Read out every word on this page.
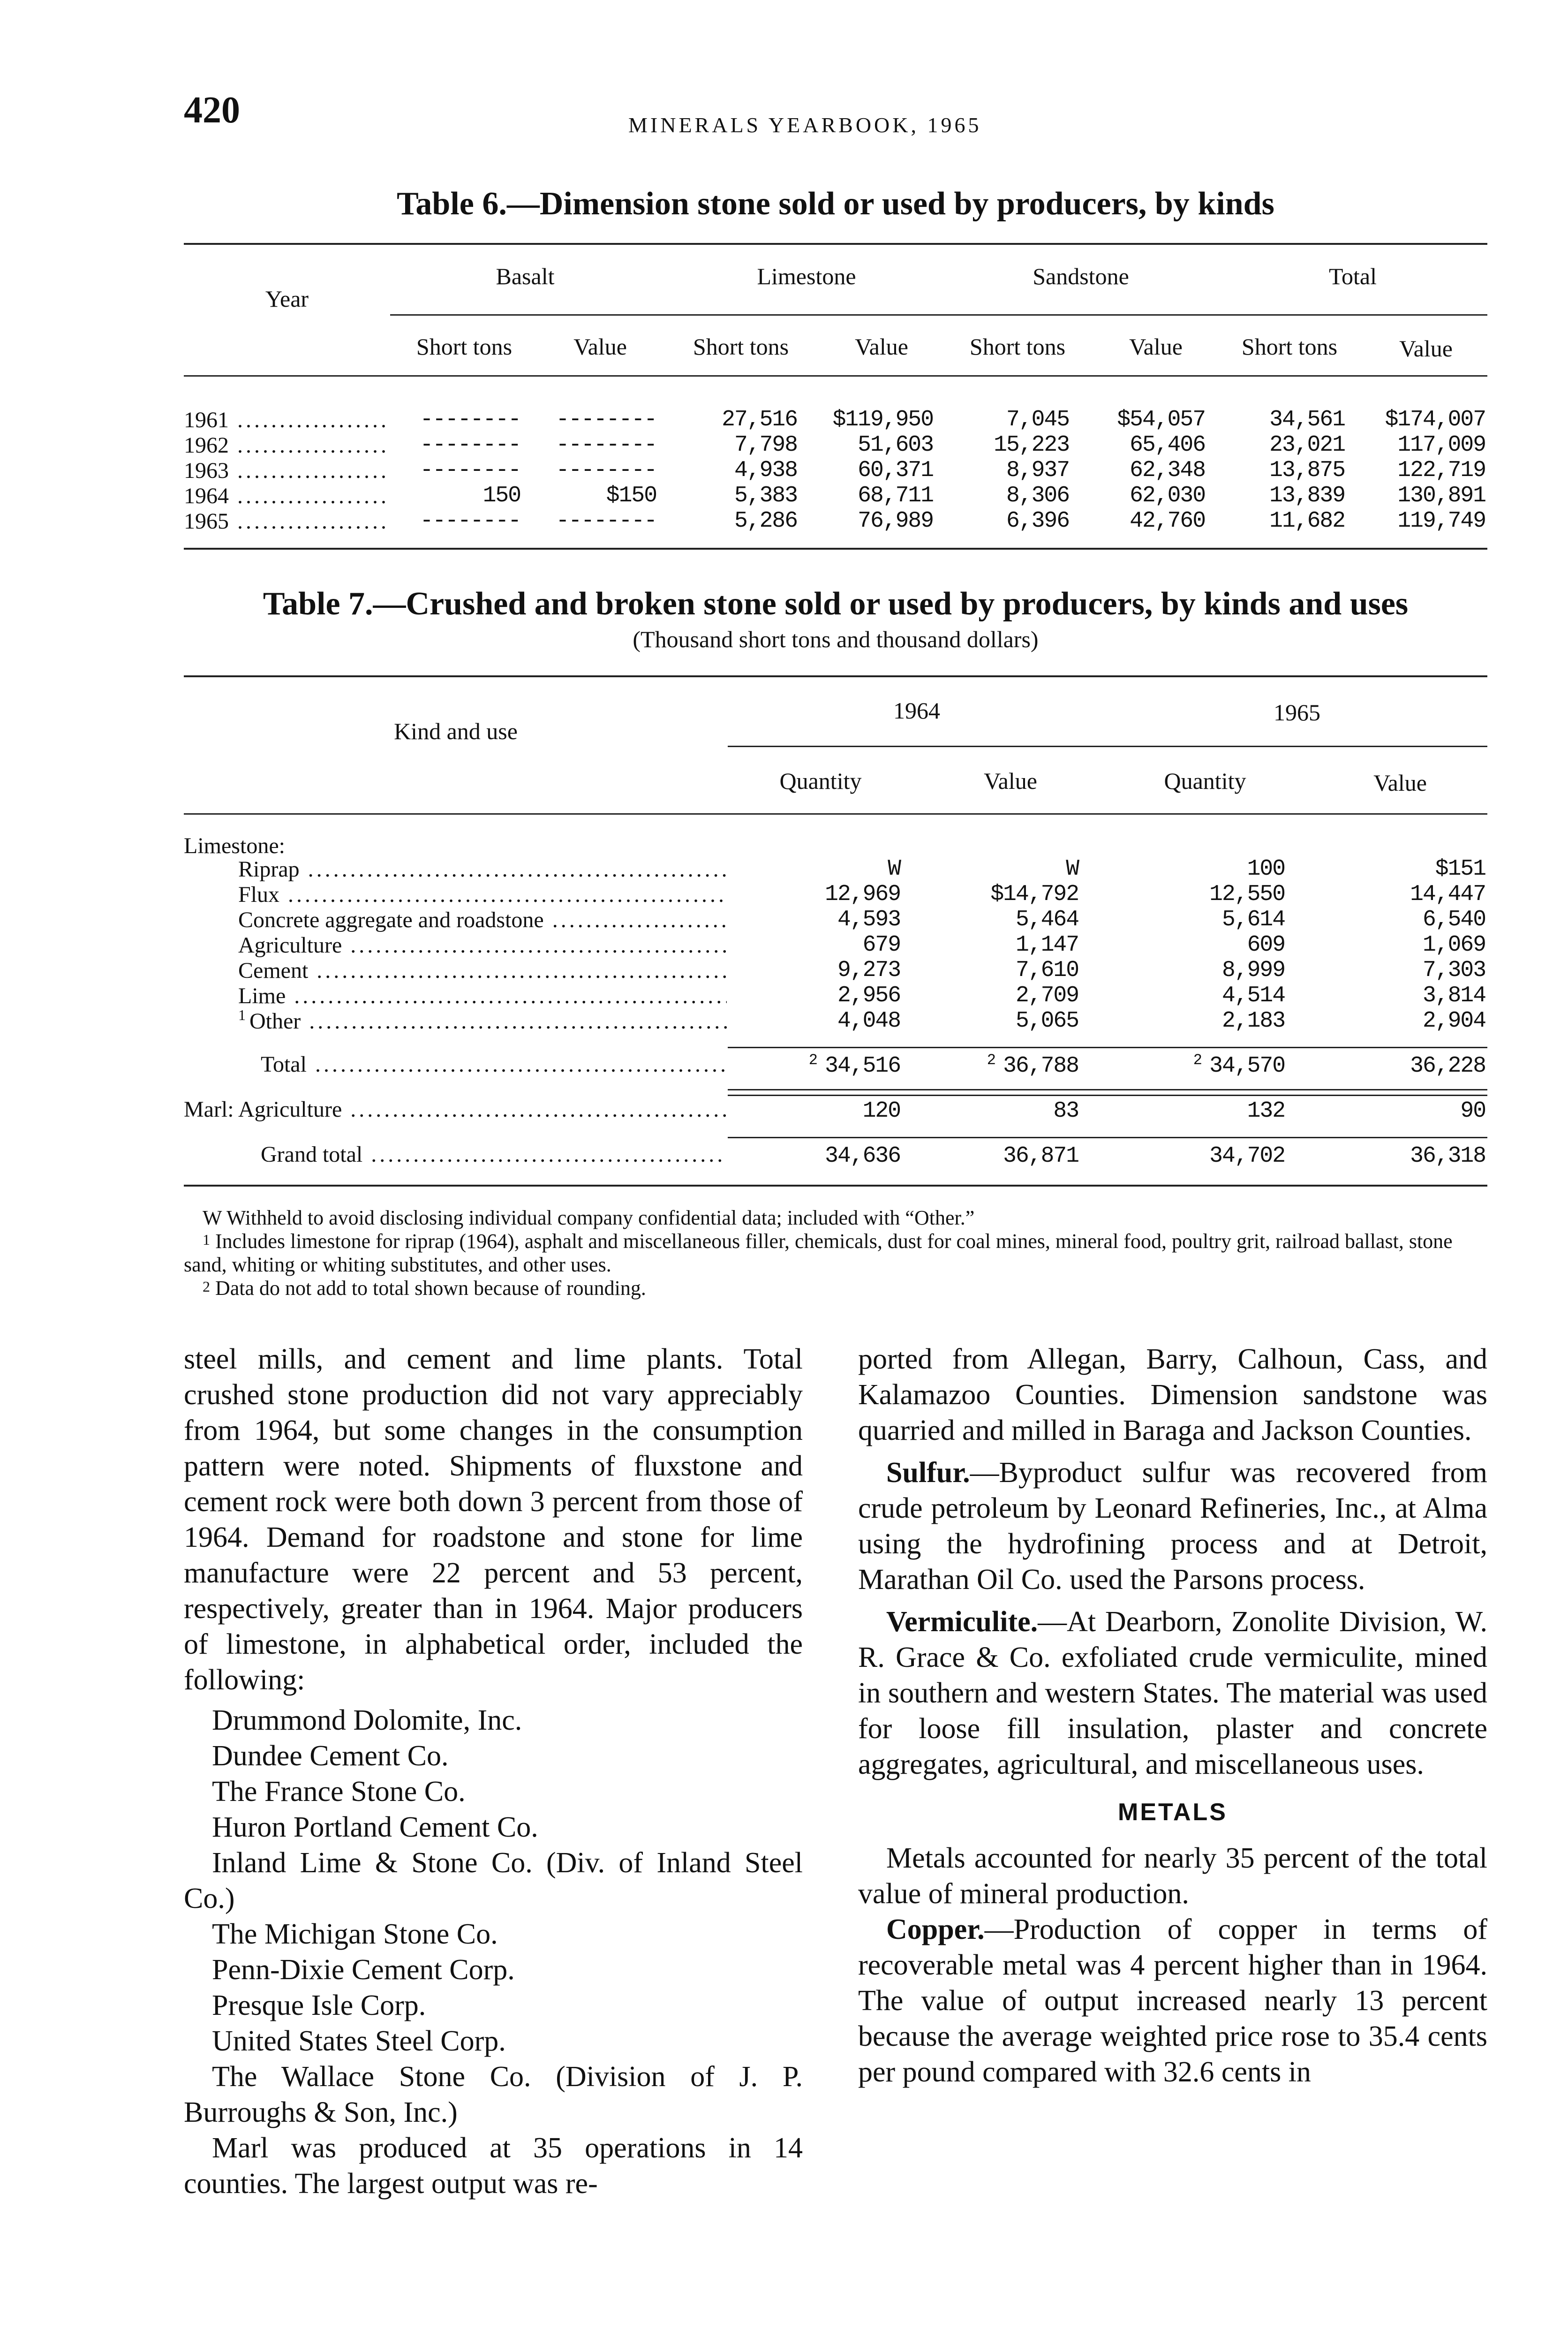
420	MINERALS YEARBOOK, 1965
Table 6.—Dimension stone sold or used by producers, by kinds
Year
Basalt	Limestone	Sandstone	Total
Short tons	Value	Short tons	Value	Short tons	Value	Short tons	Value
1961 .....	--------	--------	27,516	$119,950	7,045	$54,057	34,561	$174,007
1962 .....	--------	--------	7,798	51,603	15,223	65,406	23,021	117,009
1963 .....	--------	--------	4,938	60,371	8,937	62,348	13,875	122,719
1964 .....	150	$150	5,383	68,711	8,306	62,030	13,839	130,891
1965 .....	--------	--------	5,286	76,989	6,396	42,760	11,682	119,749
Table 7.—Crushed and broken stone sold or used by producers, by kinds and uses
(Thousand short tons and thousand dollars)
Kind and use
1964	1965
Quantity	Value	Quantity	Value
Limestone:
Riprap .....	W	W	100	$151
Flux .....	12,969	$14,792	12,550	14,447
Concrete aggregate and roadstone .....	4,593	5,464	5,614	6,540
Agriculture .....	679	1,147	609	1,069
Cement .....	9,273	7,610	8,999	7,303
Lime .....	2,956	2,709	4,514	3,814
$^1$ Other .....	4,048	5,065	2,183	2,904
Total .....	$^2$ 34,516	$^2$ 36,788	$^2$ 34,570	36,228
Marl: Agriculture .....	120	83	132	90
Grand total .....	34,636	36,871	34,702	36,318
W Withheld to avoid disclosing individual company confidential data; included with “Other.”
$^1$ Includes limestone for riprap (1964), asphalt and miscellaneous filler, chemicals, dust for coal mines, mineral food, poultry grit, railroad ballast, stone sand, whiting or whiting substitutes, and other uses.
$^2$ Data do not add to total shown because of rounding.

steel mills, and cement and lime plants. Total crushed stone production did not vary appreciably from 1964, but some changes in the consumption pattern were noted. Shipments of fluxstone and cement rock were both down 3 percent from those of 1964. Demand for roadstone and stone for lime manufacture were 22 percent and 53 percent, respectively, greater than in 1964. Major producers of limestone, in alphabetical order, included the following:

Drummond Dolomite, Inc.
Dundee Cement Co.
The France Stone Co.
Huron Portland Cement Co.
Inland Lime & Stone Co. (Div. of Inland Steel Co.)
The Michigan Stone Co.
Penn-Dixie Cement Corp.
Presque Isle Corp.
United States Steel Corp.
The Wallace Stone Co. (Division of J. P. Burroughs & Son, Inc.)

Marl was produced at 35 operations in 14 counties. The largest output was re-

ported from Allegan, Barry, Calhoun, Cass, and Kalamazoo Counties. Dimension sandstone was quarried and milled in Baraga and Jackson Counties.

Sulfur.—Byproduct sulfur was recovered from crude petroleum by Leonard Refineries, Inc., at Alma using the hydrofining process and at Detroit, Marathan Oil Co. used the Parsons process.

Vermiculite.—At Dearborn, Zonolite Division, W. R. Grace & Co. exfoliated crude vermiculite, mined in southern and western States. The material was used for loose fill insulation, plaster and concrete aggregates, agricultural, and miscellaneous uses.

METALS

Metals accounted for nearly 35 percent of the total value of mineral production.

Copper.—Production of copper in terms of recoverable metal was 4 percent higher than in 1964. The value of output increased nearly 13 percent because the average weighted price rose to 35.4 cents per pound compared with 32.6 cents in
